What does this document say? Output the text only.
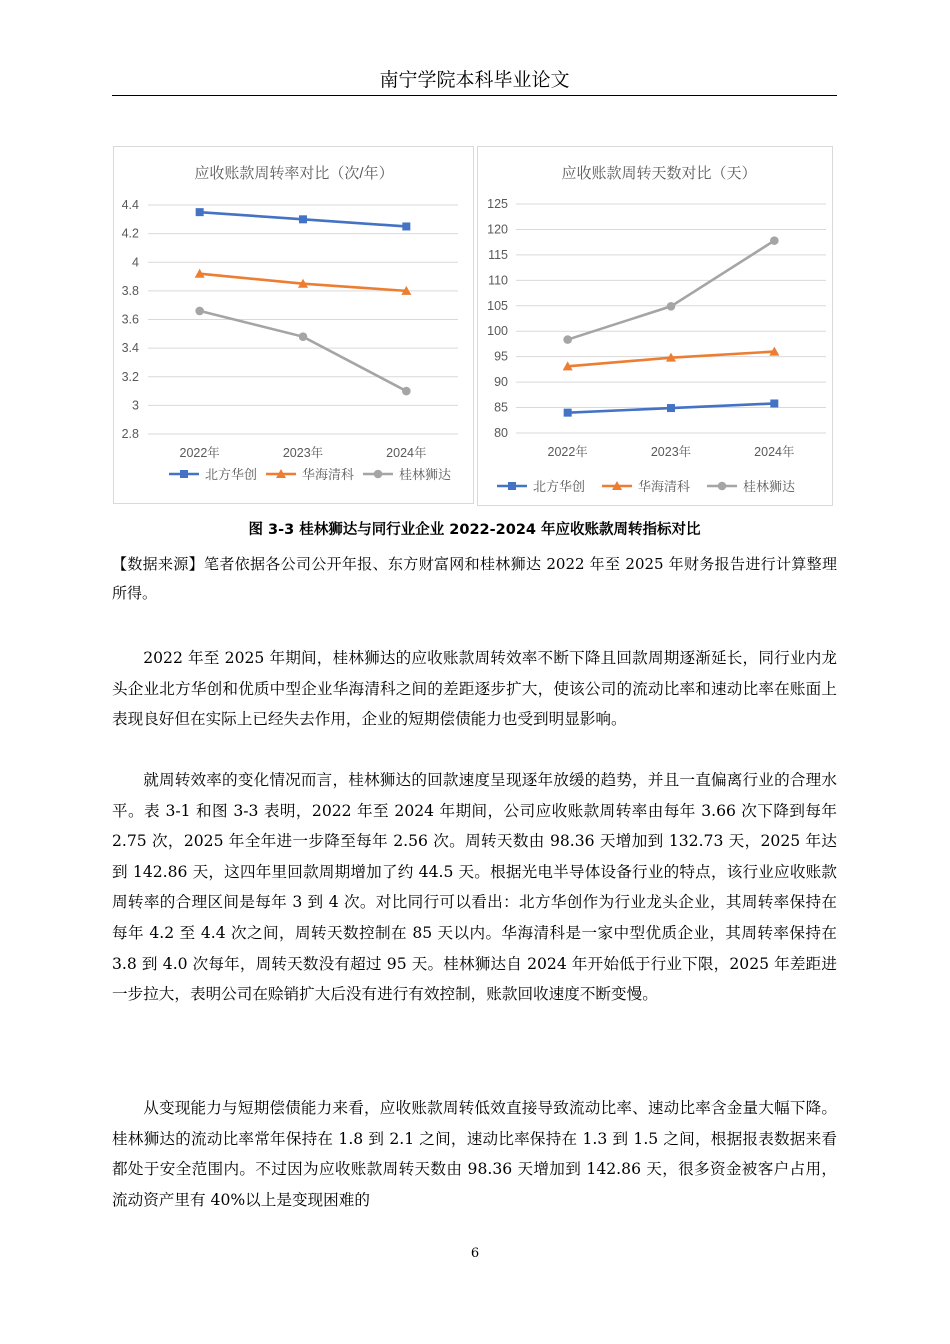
南宁学院本科毕业论文
应收账款周转率对比（次/年）
4.4
4.2
4
3.8
3.6
3.4
3.2
3
2.8
2022年	2023年	2024年
北方华创	华海清科	桂林狮达
应收账款周转天数对比（天）
125
120
115
110
105
100
95
90
85
80
2022年	2023年	2024年
北方华创	华海清科	桂林狮达
图 3-3 桂林狮达与同行业企业 2022-2024 年应收账款周转指标对比
【数据来源】笔者依据各公司公开年报、东方财富网和桂林狮达 2022 年至 2025 年财务报告进行计算整理所得。

2022 年至 2025 年期间，桂林狮达的应收账款周转效率不断下降且回款周期逐渐延长，同行业内龙头企业北方华创和优质中型企业华海清科之间的差距逐步扩大，使该公司的流动比率和速动比率在账面上表现良好但在实际上已经失去作用，企业的短期偿债能力也受到明显影响。

就周转效率的变化情况而言，桂林狮达的回款速度呈现逐年放缓的趋势，并且一直偏离行业的合理水平。表 3-1 和图 3-3 表明，2022 年至 2024 年期间，公司应收账款周转率由每年 3.66 次下降到每年 2.75 次，2025 年全年进一步降至每年 2.56 次。周转天数由 98.36 天增加到 132.73 天，2025 年达到 142.86 天，这四年里回款周期增加了约 44.5 天。根据光电半导体设备行业的特点，该行业应收账款周转率的合理区间是每年 3 到 4 次。对比同行可以看出：北方华创作为行业龙头企业，其周转率保持在每年 4.2 至 4.4 次之间，周转天数控制在 85 天以内。华海清科是一家中型优质企业，其周转率保持在 3.8 到 4.0 次每年，周转天数没有超过 95 天。桂林狮达自 2024 年开始低于行业下限，2025 年差距进一步拉大，表明公司在赊销扩大后没有进行有效控制，账款回收速度不断变慢。

从变现能力与短期偿债能力来看，应收账款周转低效直接导致流动比率、速动比率含金量大幅下降。桂林狮达的流动比率常年保持在 1.8 到 2.1 之间，速动比率保持在 1.3 到 1.5 之间，根据报表数据来看都处于安全范围内。不过因为应收账款周转天数由 98.36 天增加到 142.86 天，很多资金被客户占用，流动资产里有 40%以上是变现困难的

6
